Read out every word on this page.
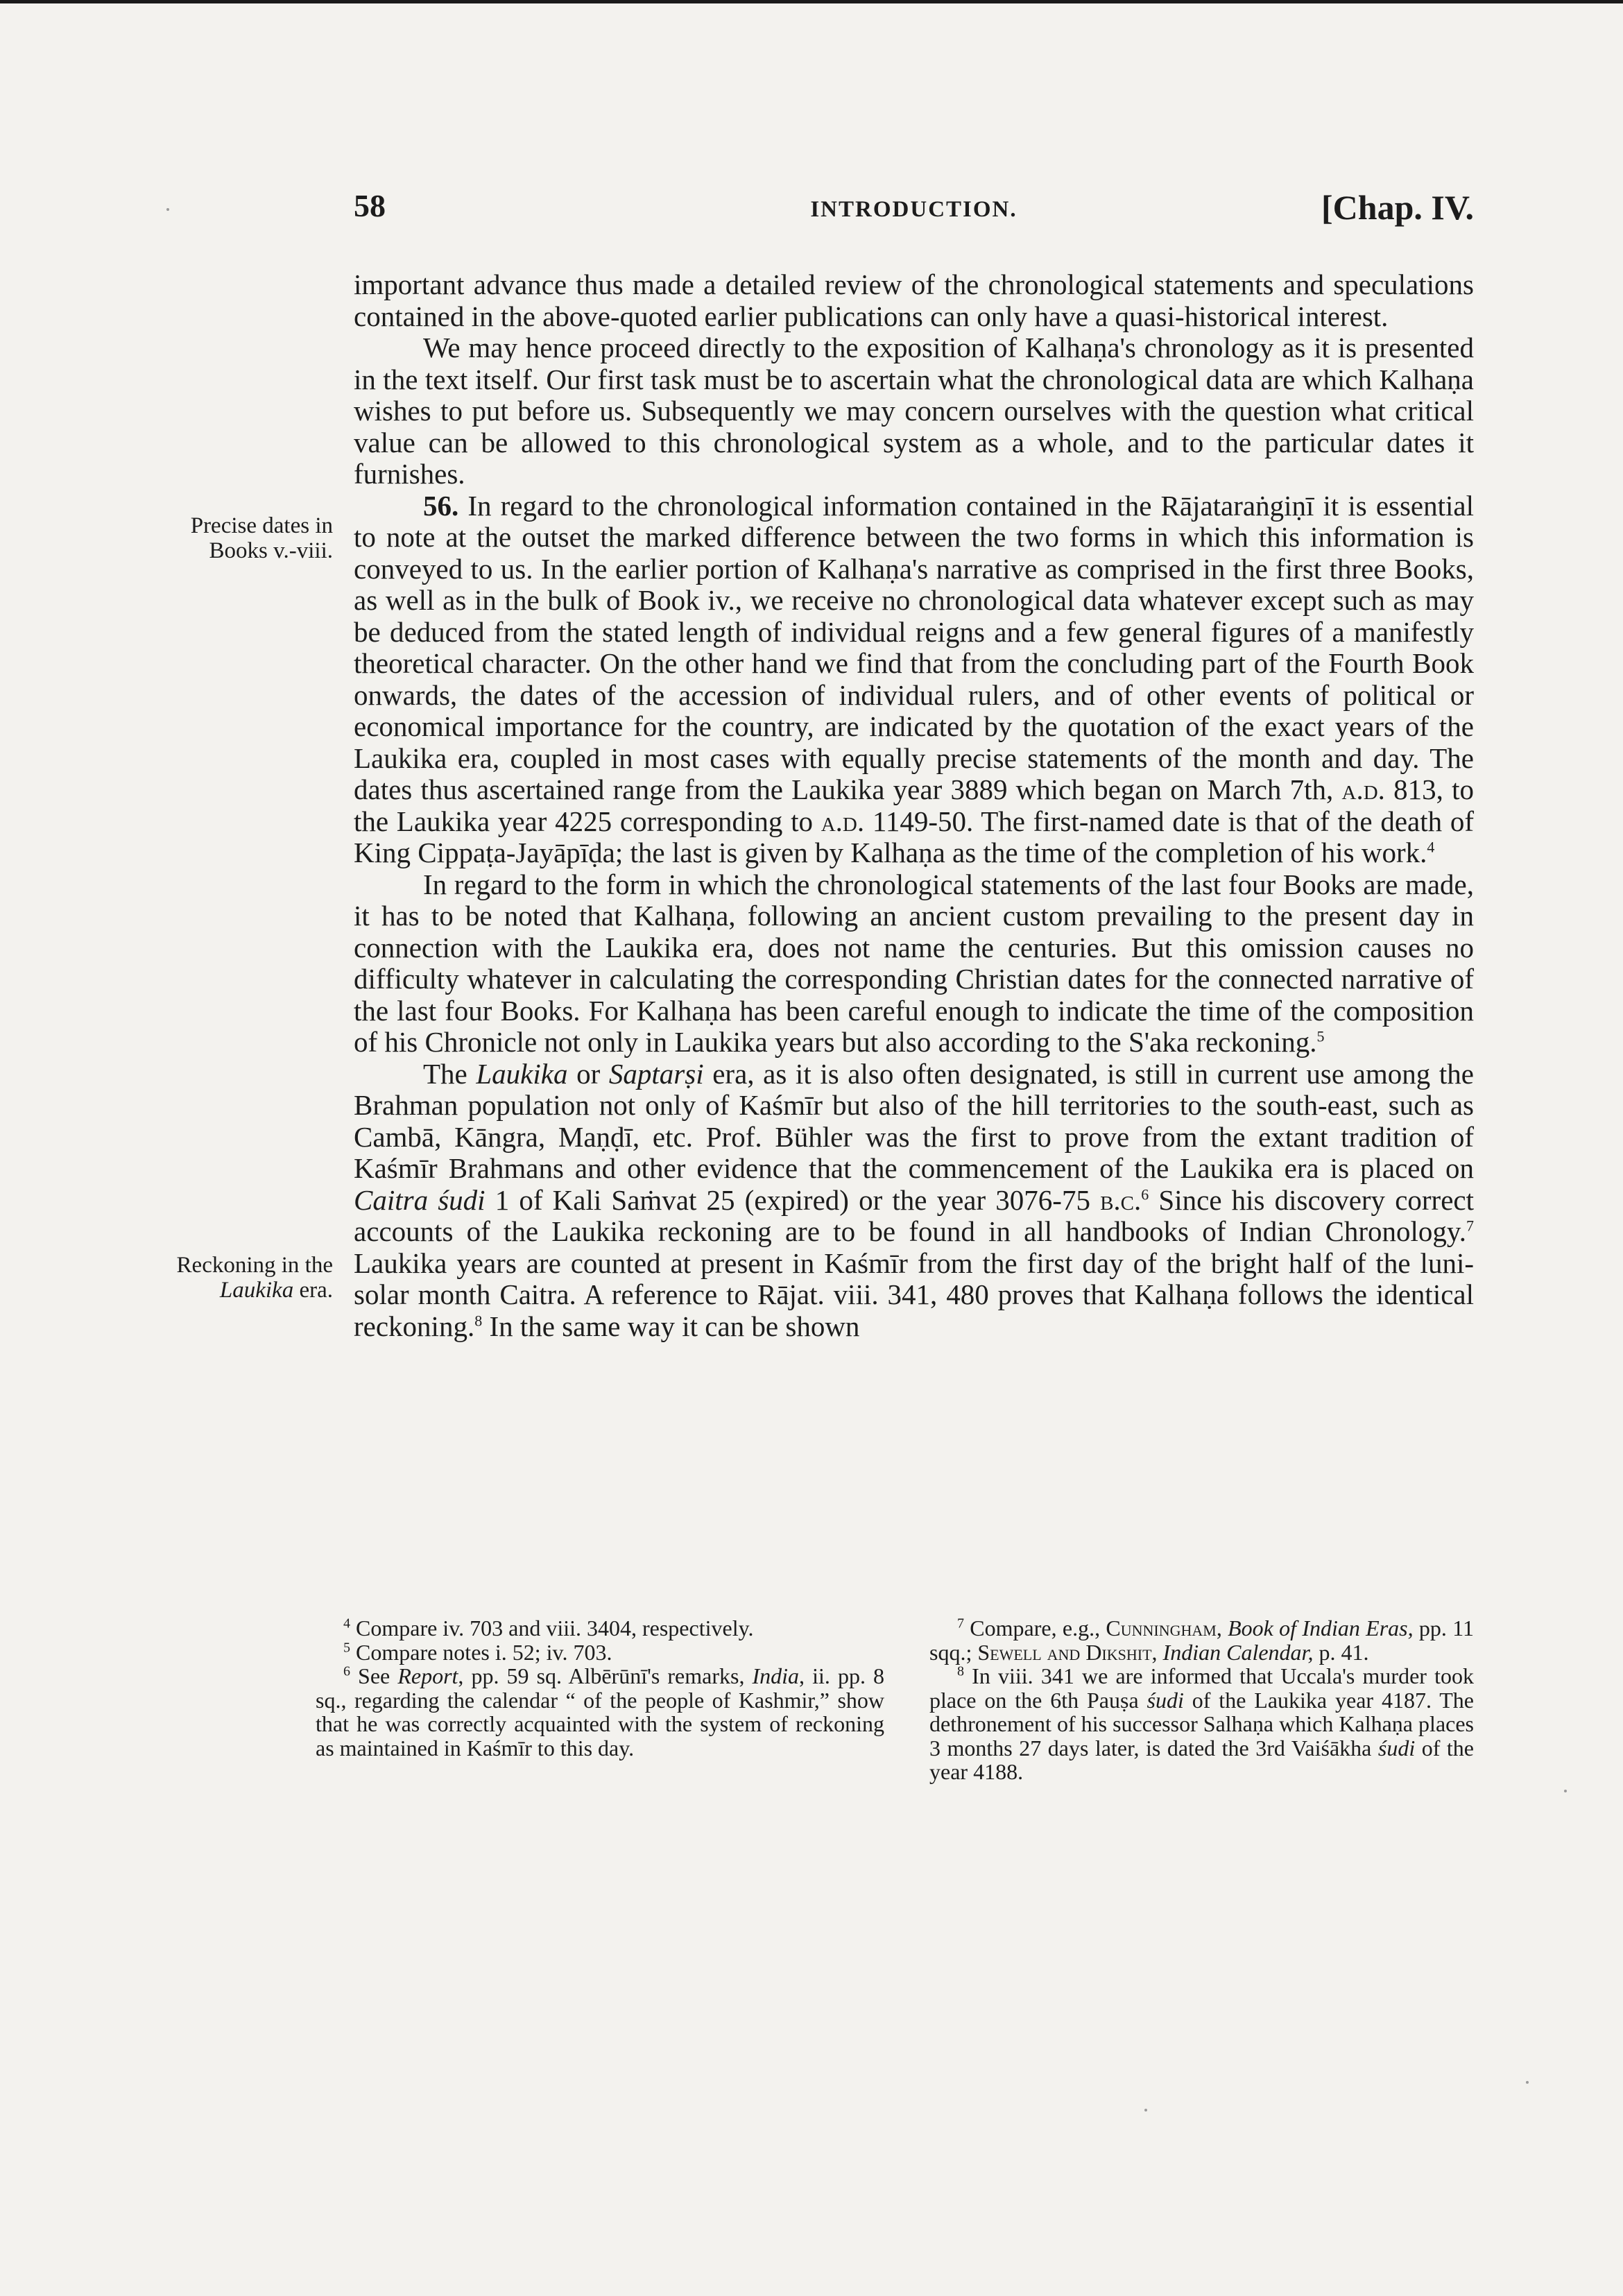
58	INTRODUCTION.	[Chap. IV.
Precise dates in
Books v.-viii.
Reckoning in the
Laukika era.

important advance thus made a detailed review of the chronological statements and speculations contained in the above-quoted earlier publications can only have a quasi-historical interest.

We may hence proceed directly to the exposition of Kalhaṇa's chronology as it is presented in the text itself. Our first task must be to ascertain what the chronological data are which Kalhaṇa wishes to put before us. Subsequently we may concern ourselves with the question what critical value can be allowed to this chronological system as a whole, and to the particular dates it furnishes.

56. In regard to the chronological information contained in the Rājataraṅgiṇī it is essential to note at the outset the marked difference between the two forms in which this information is conveyed to us. In the earlier portion of Kalhaṇa's narrative as comprised in the first three Books, as well as in the bulk of Book iv., we receive no chronological data whatever except such as may be deduced from the stated length of individual reigns and a few general figures of a manifestly theoretical character. On the other hand we find that from the concluding part of the Fourth Book onwards, the dates of the accession of individual rulers, and of other events of political or economical importance for the country, are indicated by the quotation of the exact years of the Laukika era, coupled in most cases with equally precise statements of the month and day. The dates thus ascertained range from the Laukika year 3889 which began on March 7th, a.d. 813, to the Laukika year 4225 corresponding to a.d. 1149-50. The first-named date is that of the death of King Cippaṭa-Jayāpīḍa; the last is given by Kalhaṇa as the time of the completion of his work.$^4$

In regard to the form in which the chronological statements of the last four Books are made, it has to be noted that Kalhaṇa, following an ancient custom prevailing to the present day in connection with the Laukika era, does not name the centuries. But this omission causes no difficulty whatever in calculating the corresponding Christian dates for the connected narrative of the last four Books. For Kalhaṇa has been careful enough to indicate the time of the composition of his Chronicle not only in Laukika years but also according to the S'aka reckoning.$^5$

The Laukika or Saptarṣi era, as it is also often designated, is still in current use among the Brahman population not only of Kaśmīr but also of the hill territories to the south-east, such as Cambā, Kāngra, Maṇḍī, etc. Prof. Bühler was the first to prove from the extant tradition of Kaśmīr Brahmans and other evidence that the commencement of the Laukika era is placed on Caitra śudi 1 of Kali Saṁvat 25 (expired) or the year 3076-75 b.c.$^6$ Since his discovery correct accounts of the Laukika reckoning are to be found in all handbooks of Indian Chronology.$^7$ Laukika years are counted at present in Kaśmīr from the first day of the bright half of the luni-solar month Caitra. A reference to Rājat. viii. 341, 480 proves that Kalhaṇa follows the identical reckoning.$^8$ In the same way it can be shown

$^4$ Compare iv. 703 and viii. 3404, respectively.

$^5$ Compare notes i. 52; iv. 703.

$^6$ See Report, pp. 59 sq. Albērūnī's remarks, India, ii. pp. 8 sq., regarding the calendar “ of the people of Kashmir,” show that he was correctly acquainted with the system of reckoning as maintained in Kaśmīr to this day.

$^7$ Compare, e.g., Cunningham, Book of Indian Eras, pp. 11 sqq.; Sewell and Dikshit, Indian Calendar, p. 41.

$^8$ In viii. 341 we are informed that Uccala's murder took place on the 6th Pauṣa śudi of the Laukika year 4187. The dethronement of his successor Salhaṇa which Kalhaṇa places 3 months 27 days later, is dated the 3rd Vaiśākha śudi of the year 4188.
